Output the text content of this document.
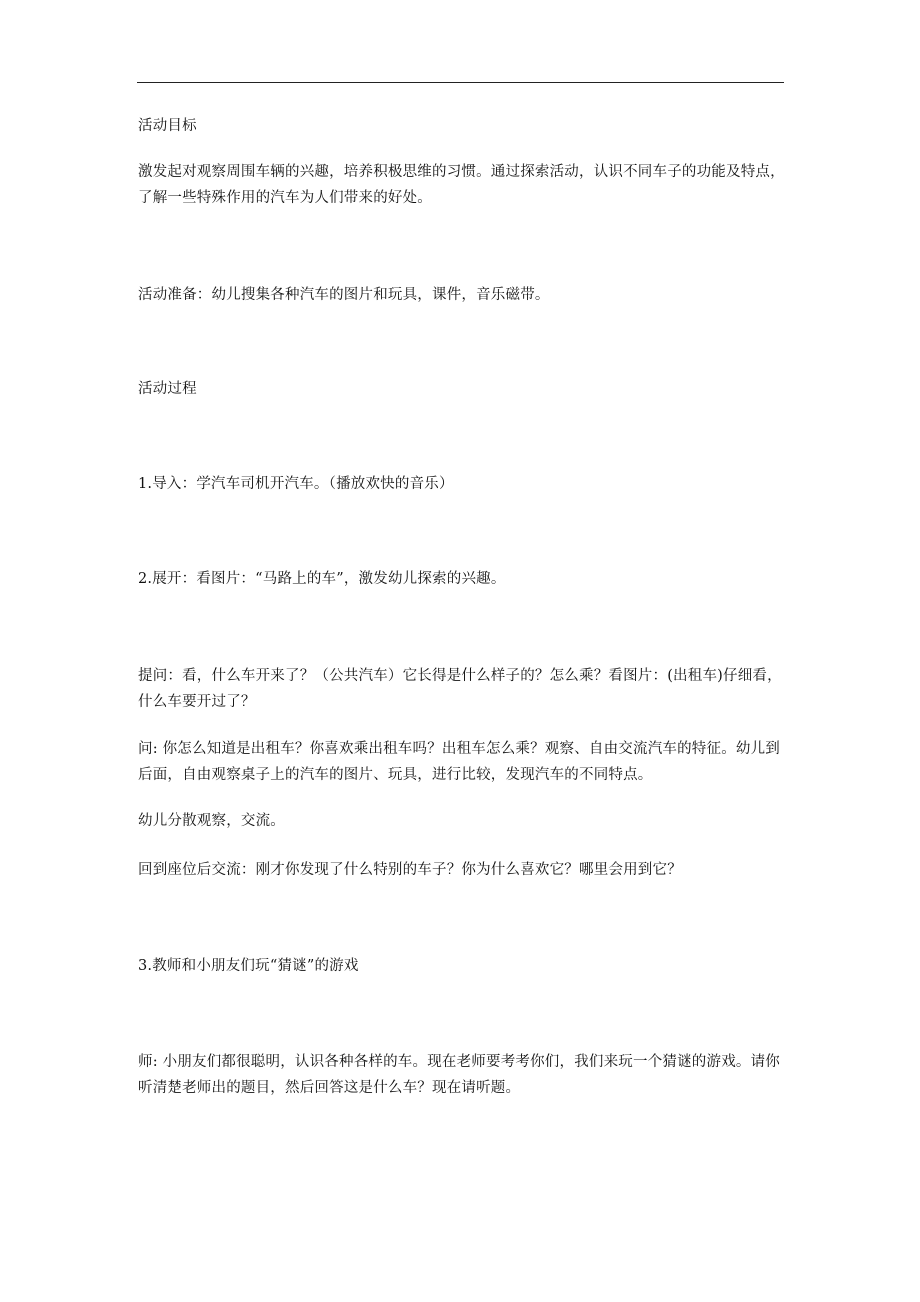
活动目标

激发起对观察周围车辆的兴趣，培养积极思维的习惯。通过探索活动，认识不同车子的功能及特点，了解一些特殊作用的汽车为人们带来的好处。

活动准备：幼儿搜集各种汽车的图片和玩具，课件，音乐磁带。

活动过程

1.导入：学汽车司机开汽车。（播放欢快的音乐）

2.展开：看图片：“马路上的车”，激发幼儿探索的兴趣。

提问：看，什么车开来了？（公共汽车）它长得是什么样子的？怎么乘？看图片：(出租车)仔细看，什么车要开过了？

问: 你怎么知道是出租车？你喜欢乘出租车吗？出租车怎么乘？观察、自由交流汽车的特征。幼儿到后面，自由观察桌子上的汽车的图片、玩具，进行比较，发现汽车的不同特点。

幼儿分散观察，交流。

回到座位后交流：刚才你发现了什么特别的车子？你为什么喜欢它？哪里会用到它？

3.教师和小朋友们玩“猜谜”的游戏

师: 小朋友们都很聪明，认识各种各样的车。现在老师要考考你们，我们来玩一个猜谜的游戏。请你听清楚老师出的题目，然后回答这是什么车？现在请听题。
